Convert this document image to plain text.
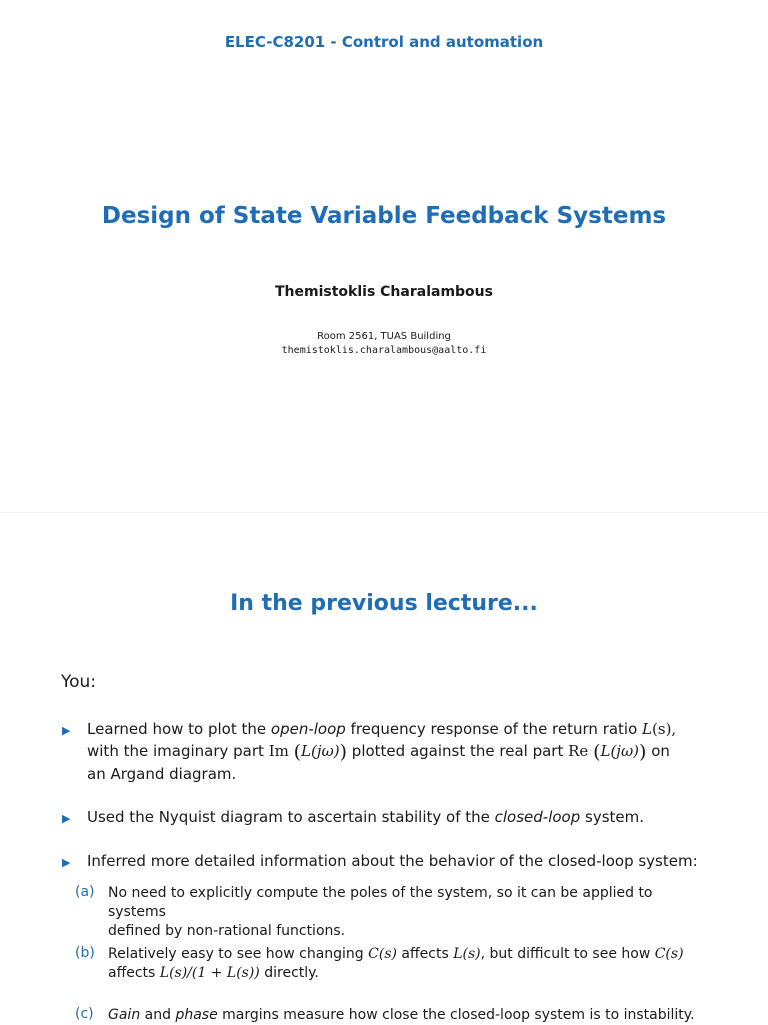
ELEC-C8201 - Control and automation
Design of State Variable Feedback Systems
Themistoklis Charalambous
Room 2561, TUAS Building
themistoklis.charalambous@aalto.fi
In the previous lecture...
You:
▶ Learned how to plot the open-loop frequency response of the return ratio L(s),
with the imaginary part Im (L(jω)) plotted against the real part Re (L(jω)) on
an Argand diagram.
▶ Used the Nyquist diagram to ascertain stability of the closed-loop system.
▶ Inferred more detailed information about the behavior of the closed-loop system:
(a) No need to explicitly compute the poles of the system, so it can be applied to systems
defined by non-rational functions.
(b) Relatively easy to see how changing C(s) affects L(s), but difficult to see how C(s)
affects L(s)/(1 + L(s)) directly.
(c) Gain and phase margins measure how close the closed-loop system is to instability.
